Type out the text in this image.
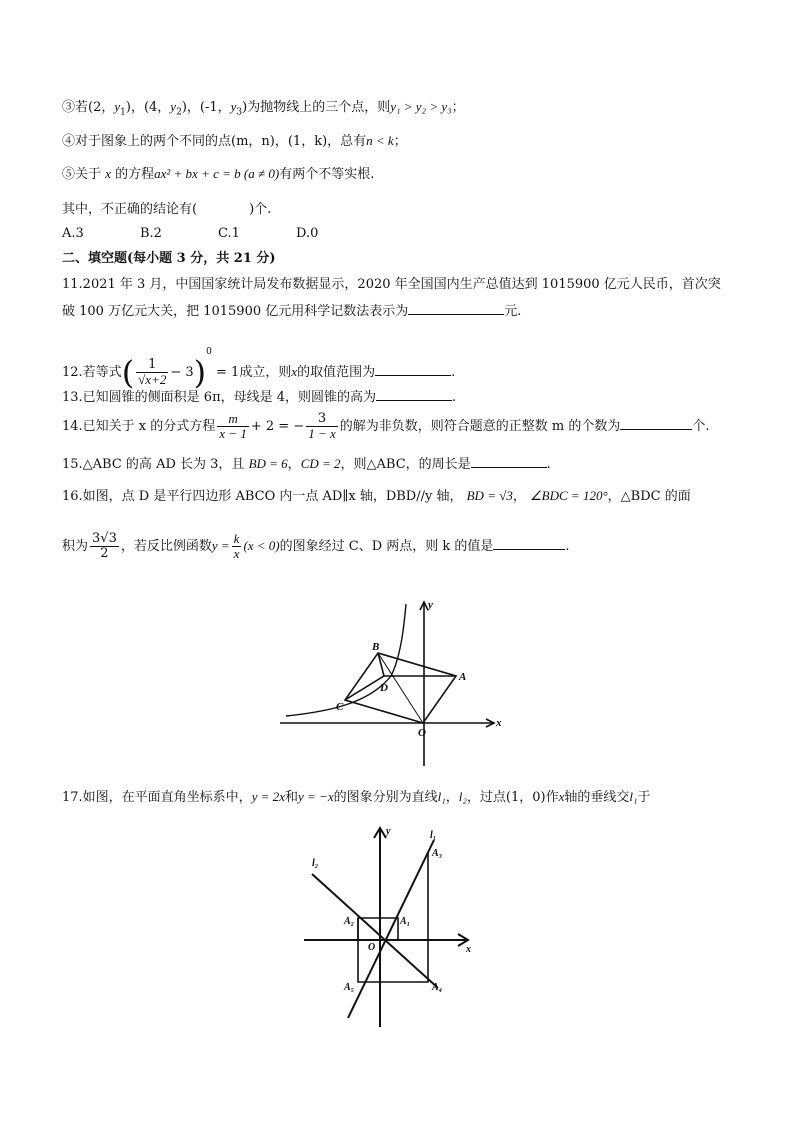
③若(2，$y_1$)，(4，$y_2$)，(-1，$y_3$)为抛物线上的三个点，则y₁ > y₂ > y₃；
④对于图象上的两个不同的点(m，n)，(1，k)，总有n < k；
⑤关于 x 的方程ax² + bx + c = b (a ≠ 0)有两个不等实根.
其中，不正确的结论有(	)个.
A.3	B.2	C.1	D.0
二、填空题(每小题 3 分，共 21 分)
11.2021 年 3 月，中国国家统计局发布数据显示，2020 年全国国内生产总值达到 1015900 亿元人民币，首次突
破 100 万亿元大关，把 1015900 亿元用科学记数法表示为	元.
12.若等式( $\frac{1}{√x+2} - 3)^0 = 1$成立，则x的取值范围为	.
13.已知圆锥的侧面积是 6π，母线是 4，则圆锥的高为	.
14.已知关于 x 的分式方程 $\frac{m}{x - 1} + 2$ = − $\frac{3}{1 - x}$ 的解为非负数，则符合题意的正整数 m 的个数为	个.
15.△ABC 的高 AD 长为 3，且 BD = 6，CD = 2，则△ABC，的周长是	.
16.如图，点 D 是平行四边形 ABCO 内一点 AD∥x 轴，DBD//y 轴， BD = √3， ∠BDC = 120°，△BDC 的面
积为 $\frac{3√3}{2}$ ，若反比例函数$y = \frac{k}{x} (x < 0)$的图象经过 C、D 两点，则 k 的值是	.
B
A
D
C
O
x
y
17.如图，在平面直角坐标系中，y = 2x和y = −x的图象分别为直线l₁，l₂，过点(1，0)作x轴的垂线交l₁于
y
x
O
l₁
l₂
A₁
A₂
A₃
A₄
A₅
